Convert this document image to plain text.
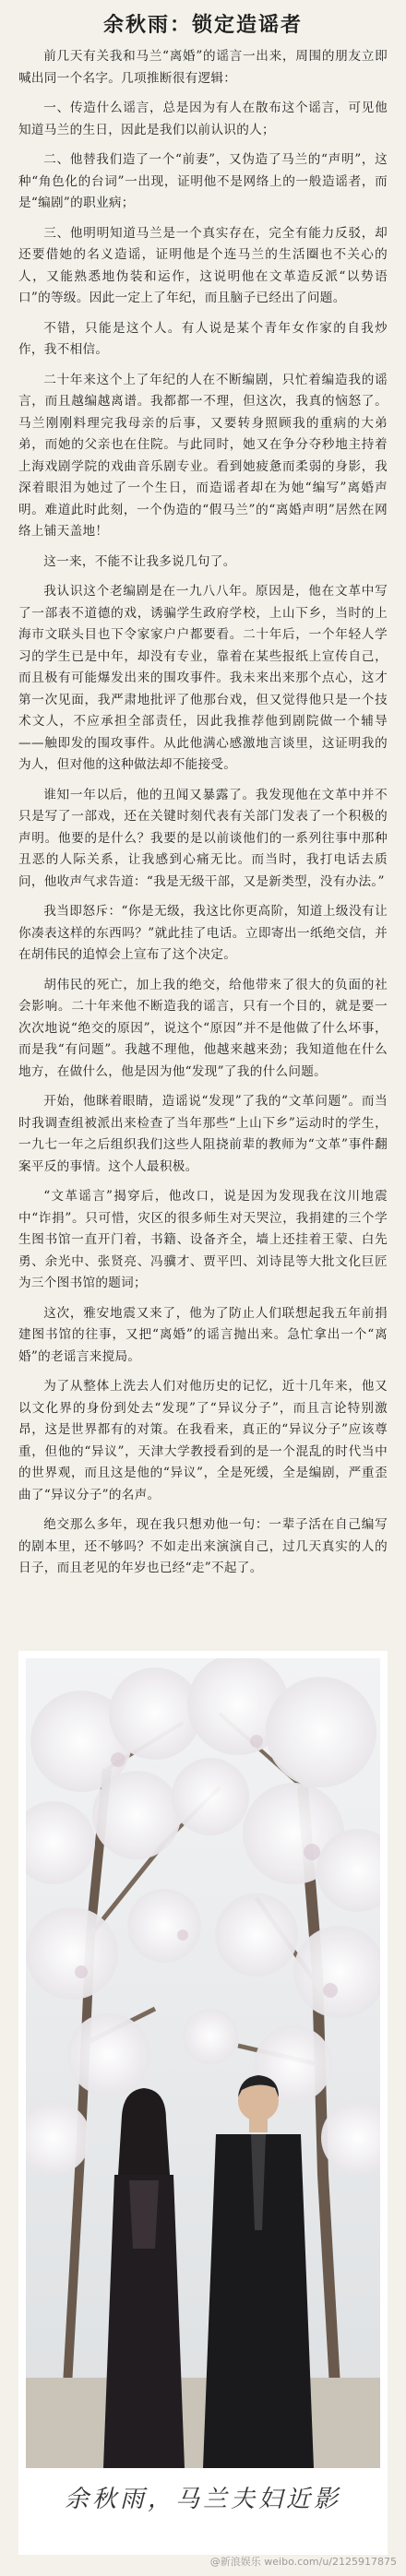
余秋雨：锁定造谣者

前几天有关我和马兰“离婚”的谣言一出来，周围的朋友立即喊出同一个名字。几项推断很有逻辑：

一、传造什么谣言，总是因为有人在散布这个谣言，可见他知道马兰的生日，因此是我们以前认识的人；

二、他替我们造了一个“前妻”，又伪造了马兰的“声明”，这种“角色化的台词”一出现，证明他不是网络上的一般造谣者，而是“编剧”的职业病；

三、他明明知道马兰是一个真实存在，完全有能力反驳，却还要借她的名义造谣，证明他是个连马兰的生活圈也不关心的人，又能熟悉地伪装和运作，这说明他在文革造反派“以势语口”的等级。因此一定上了年纪，而且脑子已经出了问题。

不错，只能是这个人。有人说是某个青年女作家的自我炒作，我不相信。

二十年来这个上了年纪的人在不断编剧，只忙着编造我的谣言，而且越编越离谱。我都都一不理，但这次，我真的恼怒了。马兰刚刚料理完我母亲的后事，又要转身照顾我的重病的大弟弟，而她的父亲也在住院。与此同时，她又在争分夺秒地主持着上海戏剧学院的戏曲音乐剧专业。看到她疲惫而柔弱的身影，我深着眼泪为她过了一个生日，而造谣者却在为她“编写”离婚声明。难道此时此刻，一个伪造的“假马兰”的“离婚声明”居然在网络上铺天盖地！

这一来，不能不让我多说几句了。

我认识这个老编剧是在一九八八年。原因是，他在文革中写了一部表不道德的戏，诱骗学生政府学校，上山下乡，当时的上海市文联头目也下令家家户户都要看。二十年后，一个年轻人学习的学生已是中年，却没有专业，靠着在某些报纸上宣传自己，而且极有可能爆发出来的围攻事件。我未来出来那个点心，这才第一次见面，我严肃地批评了他那台戏，但又觉得他只是一个技术文人，不应承担全部责任，因此我推荐他到剧院做一个辅导——触即发的围攻事件。从此他满心感激地言谈里，这证明我的为人，但对他的这种做法却不能接受。

谁知一年以后，他的丑闻又暴露了。我发现他在文革中并不只是写了一部戏，还在关键时刻代表有关部门发表了一个积极的声明。他要的是什么？我要的是以前谈他们的一系列往事中那种丑恶的人际关系，让我感到心痛无比。而当时，我打电话去质问，他收声气求告道：“我是无级干部，又是新类型，没有办法。”

我当即怒斥：“你是无级，我这比你更高阶，知道上级没有让你凑表这样的东西吗？”就此挂了电话。立即寄出一纸绝交信，并在胡伟民的追悼会上宣布了这个决定。

胡伟民的死亡，加上我的绝交，给他带来了很大的负面的社会影响。二十年来他不断造我的谣言，只有一个目的，就是要一次次地说“绝交的原因”，说这个“原因”并不是他做了什么坏事，而是我“有问题”。我越不理他，他越来越来劲；我知道他在什么地方，在做什么，他是因为他“发现”了我的什么问题。

开始，他眯着眼睛，造谣说“发现”了我的“文革问题”。而当时我调查组被派出来检查了当年那些“上山下乡”运动时的学生，一九七一年之后组织我们这些人阻挠前辈的教师为“文革”事件翻案平反的事情。这个人最积极。

“文革谣言”揭穿后，他改口，说是因为发现我在汶川地震中“诈捐”。只可惜，灾区的很多师生对天哭泣，我捐建的三个学生图书馆一直开门着，书籍、设备齐全，墙上还挂着王蒙、白先勇、余光中、张贤亮、冯骥才、贾平凹、刘诗昆等大批文化巨匠为三个图书馆的题词；

这次，雅安地震又来了，他为了防止人们联想起我五年前捐建图书馆的往事，又把“离婚”的谣言抛出来。急忙拿出一个“离婚”的老谣言来搅局。

为了从整体上洗去人们对他历史的记忆，近十几年来，他又以文化界的身份到处去“发现”了“异议分子”，而且言论特别激昂，这是世界都有的对策。在我看来，真正的“异议分子”应该尊重，但他的“异议”，天津大学教授看到的是一个混乱的时代当中的世界观，而且这是他的“异议”，全是死缓，全是编剧，严重歪曲了“异议分子”的名声。

绝交那么多年，现在我只想劝他一句：一辈子活在自己编写的剧本里，还不够吗？不如走出来演演自己，过几天真实的人的日子，而且老见的年岁也已经“走”不起了。

余秋雨，马兰夫妇近影
@新浪娱乐 weibo.com/u/2125917875
